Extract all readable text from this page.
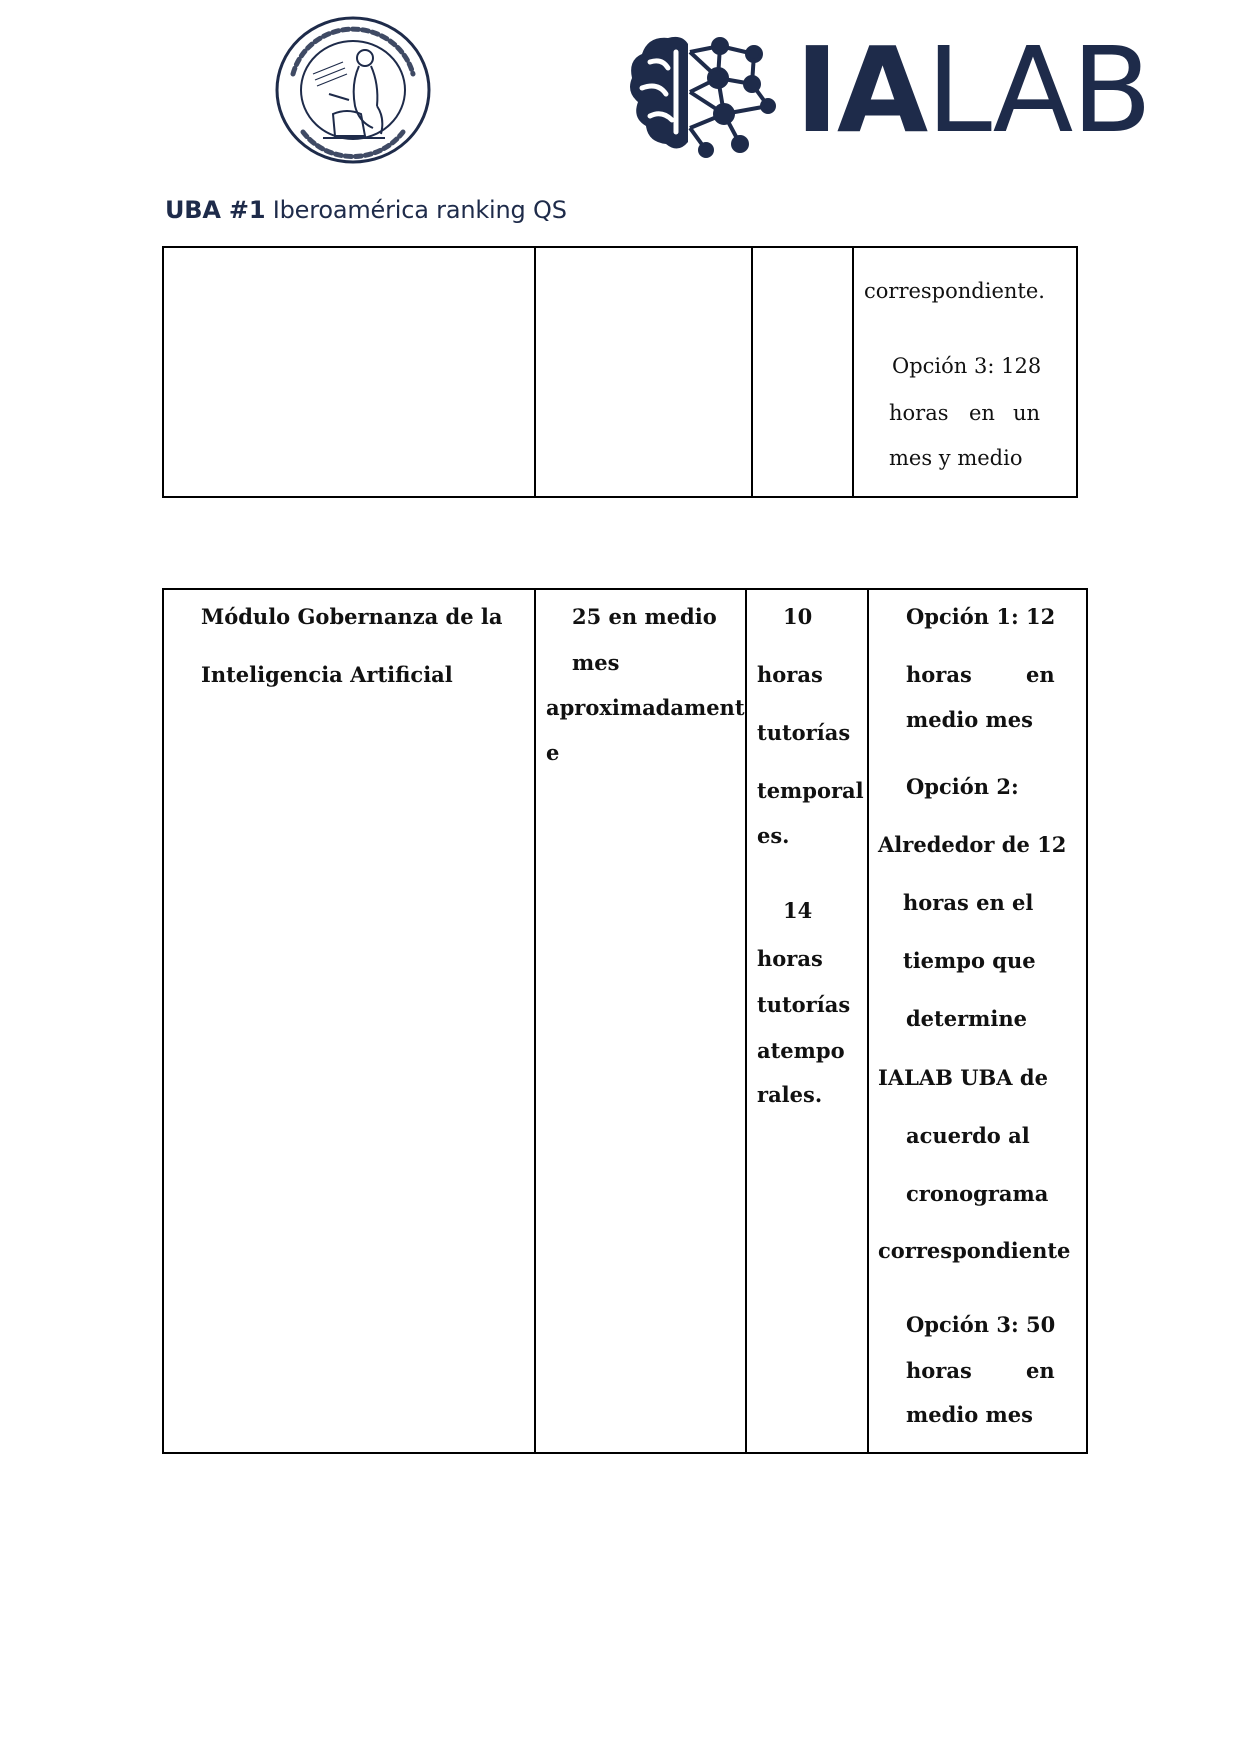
IALAB
UBA #1 Iberoamérica ranking QS
correspondiente.
Opción 3: 128
horas en un
mes y medio
Módulo Gobernanza de la
Inteligencia Artificial
25 en medio
mes
aproximadament
e
10
horas
tutorías
temporal
es.
14
horas
tutorías
atempo
rales.
Opción 1: 12
horas	en
medio mes
Opción 2:
Alrededor de 12
horas en el
tiempo que
determine
IALAB UBA de
acuerdo al
cronograma
correspondiente
Opción 3: 50
horas	en
medio mes
